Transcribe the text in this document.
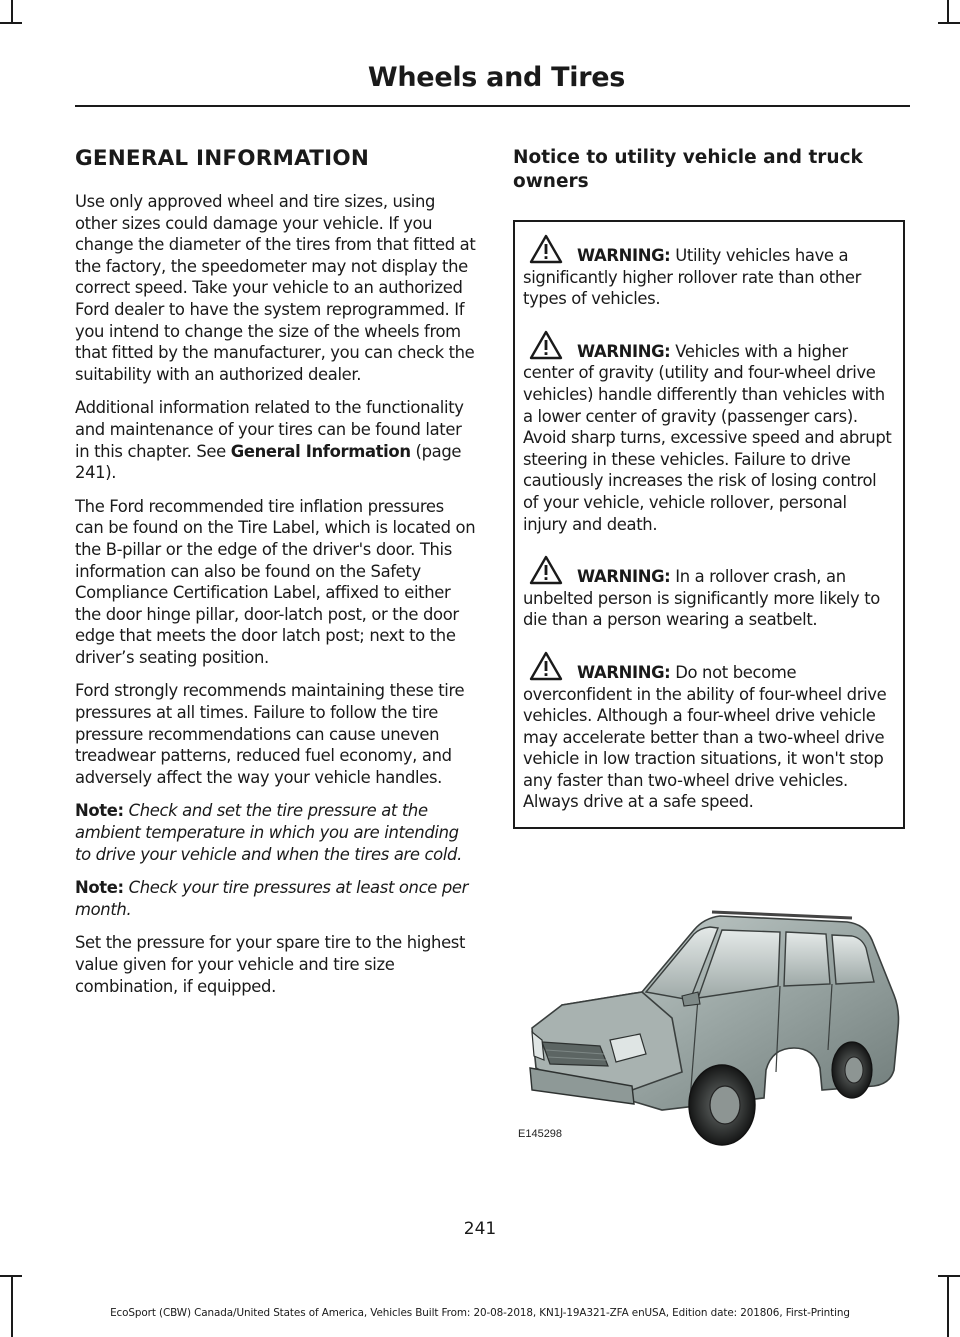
Wheels and Tires
GENERAL INFORMATION

Use only approved wheel and tire sizes, using other sizes could damage your vehicle. If you change the diameter of the tires from that fitted at the factory, the speedometer may not display the correct speed. Take your vehicle to an authorized Ford dealer to have the system reprogrammed. If you intend to change the size of the wheels from that fitted by the manufacturer, you can check the suitability with an authorized dealer.

Additional information related to the functionality and maintenance of your tires can be found later in this chapter. See General Information (page 241).

The Ford recommended tire inflation pressures can be found on the Tire Label, which is located on the B-pillar or the edge of the driver's door. This information can also be found on the Safety Compliance Certification Label, affixed to either the door hinge pillar, door-latch post, or the door edge that meets the door latch post; next to the driver’s seating position.

Ford strongly recommends maintaining these tire pressures at all times. Failure to follow the tire pressure recommendations can cause uneven treadwear patterns, reduced fuel economy, and adversely affect the way your vehicle handles.

Note: Check and set the tire pressure at the ambient temperature in which you are intending to drive your vehicle and when the tires are cold.

Note: Check your tire pressures at least once per month.

Set the pressure for your spare tire to the highest value given for your vehicle and tire size combination, if equipped.

Notice to utility vehicle and truck owners

WARNING: Utility vehicles have a significantly higher rollover rate than other types of vehicles.

WARNING: Vehicles with a higher center of gravity (utility and four-wheel drive vehicles) handle differently than vehicles with a lower center of gravity (passenger cars). Avoid sharp turns, excessive speed and abrupt steering in these vehicles. Failure to drive cautiously increases the risk of losing control of your vehicle, vehicle rollover, personal injury and death.

WARNING: In a rollover crash, an unbelted person is significantly more likely to die than a person wearing a seatbelt.

WARNING: Do not become overconfident in the ability of four-wheel drive vehicles. Although a four-wheel drive vehicle may accelerate better than a two-wheel drive vehicle in low traction situations, it won't stop any faster than two-wheel drive vehicles. Always drive at a safe speed.

E145298
241
EcoSport (CBW) Canada/United States of America, Vehicles Built From: 20-08-2018, KN1J-19A321-ZFA enUSA, Edition date: 201806, First-Printing
